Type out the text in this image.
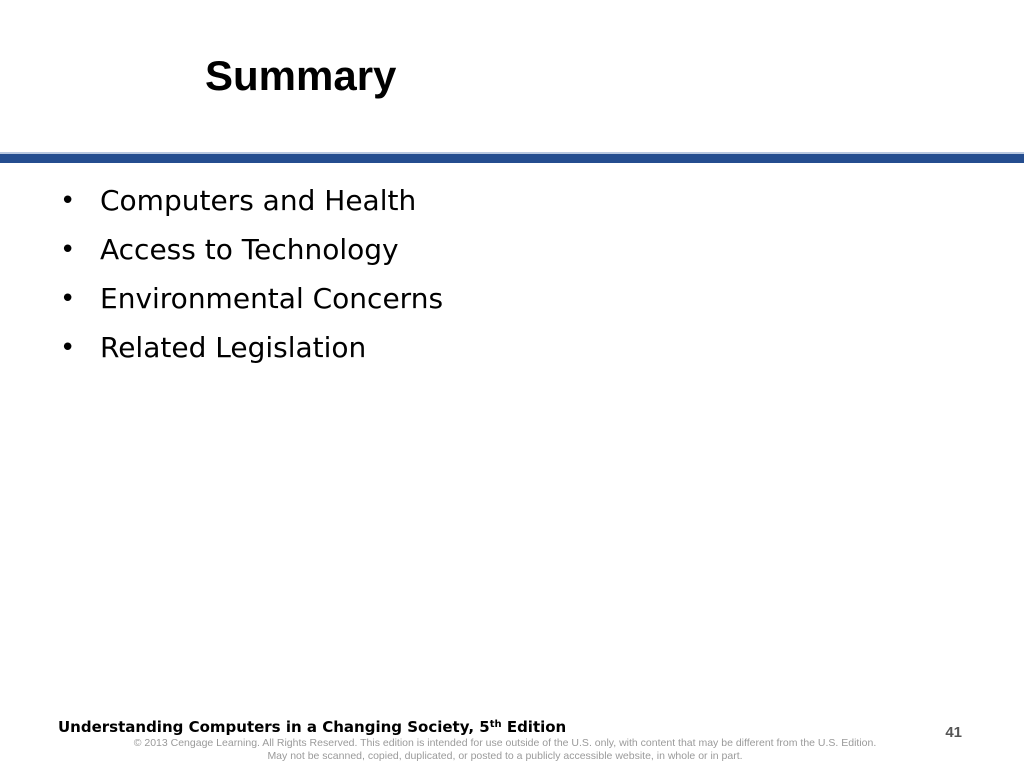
Summary
• Computers and Health
• Access to Technology
• Environmental Concerns
• Related Legislation
Understanding Computers in a Changing Society, 5th Edition	41
© 2013 Cengage Learning. All Rights Reserved. This edition is intended for use outside of the U.S. only, with content that may be different from the U.S. Edition.
May not be scanned, copied, duplicated, or posted to a publicly accessible website, in whole or in part.
